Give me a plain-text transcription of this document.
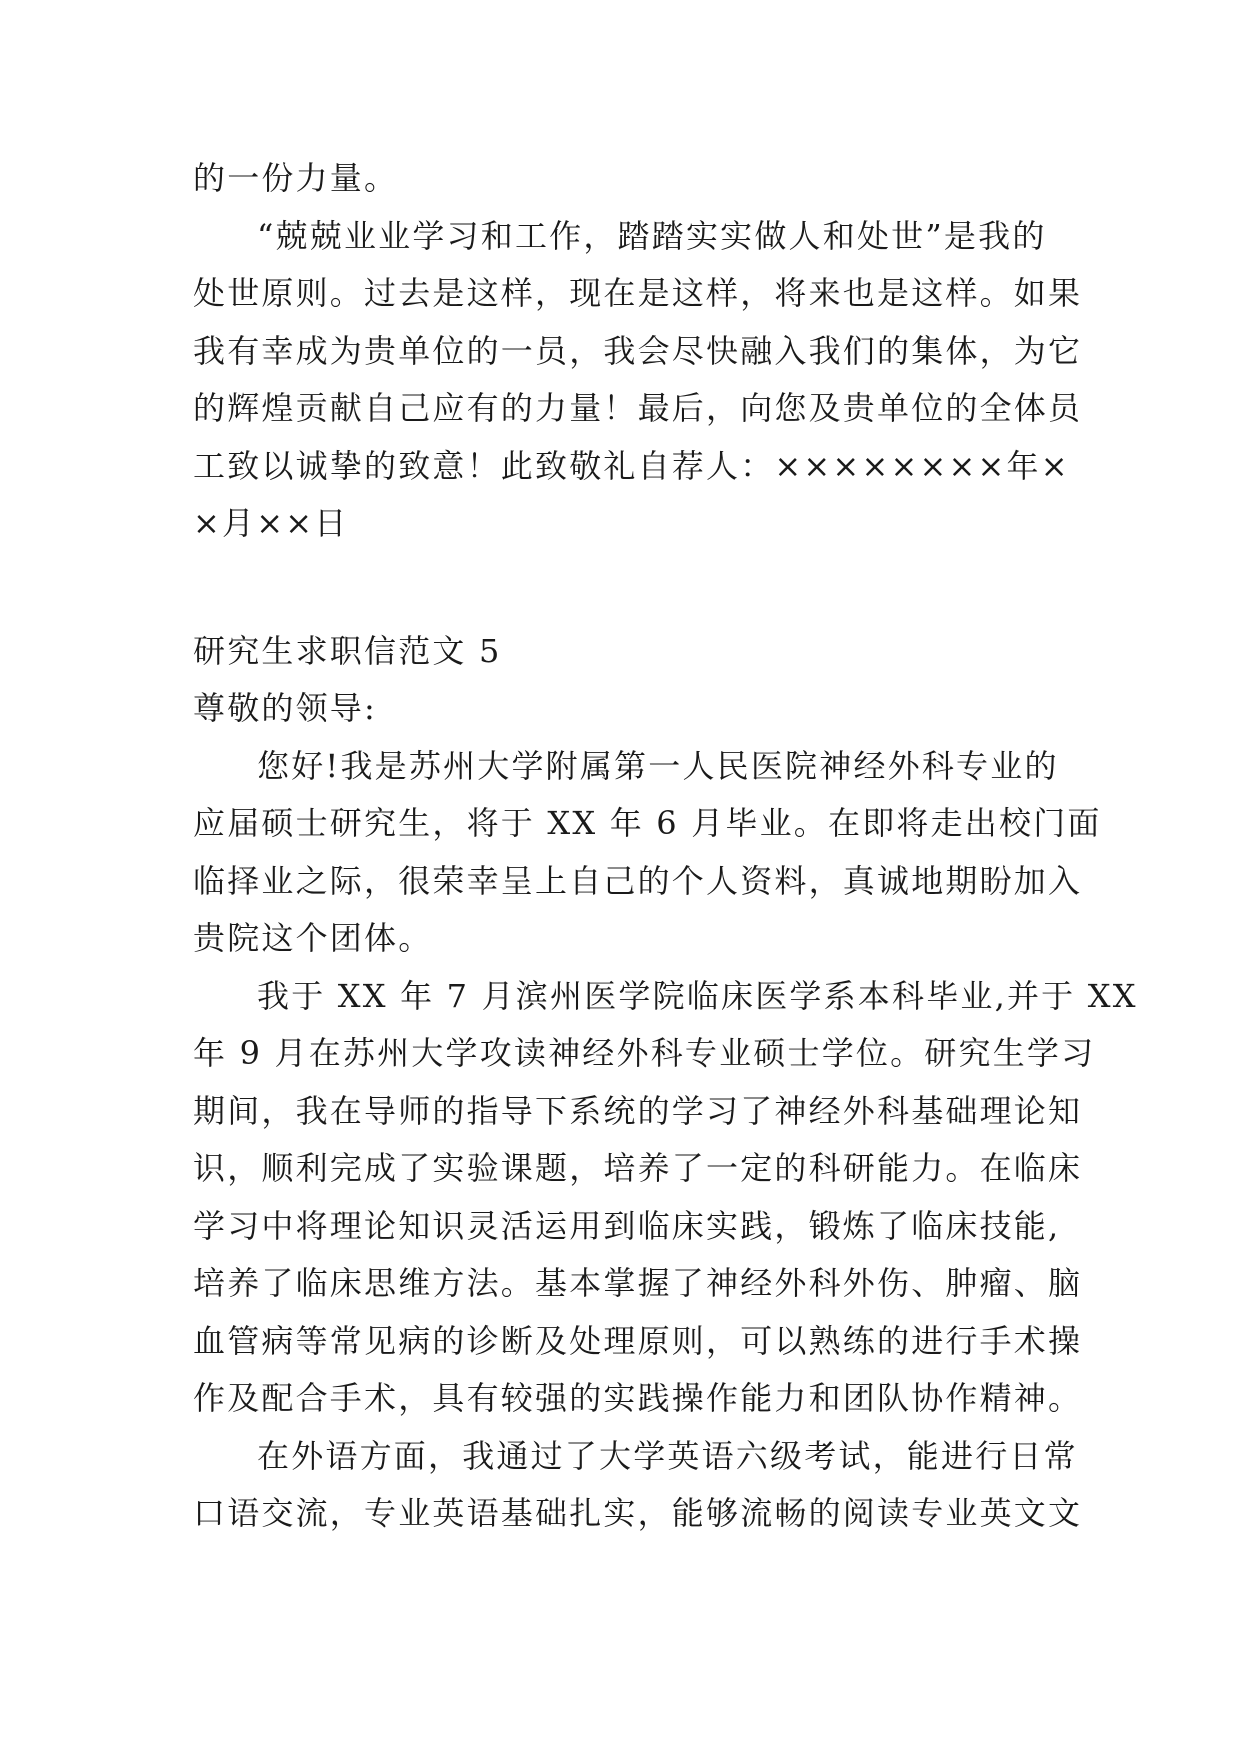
的一份力量。
“兢兢业业学习和工作，踏踏实实做人和处世”是我的
处世原则。过去是这样，现在是这样，将来也是这样。如果
我有幸成为贵单位的一员，我会尽快融入我们的集体，为它
的辉煌贡献自己应有的力量！最后，向您及贵单位的全体员
工致以诚挚的致意！此致敬礼自荐人：××××××××年×
×月××日
研究生求职信范文 5
尊敬的领导:
您好!我是苏州大学附属第一人民医院神经外科专业的
应届硕士研究生，将于 XX 年 6 月毕业。在即将走出校门面
临择业之际，很荣幸呈上自己的个人资料，真诚地期盼加入
贵院这个团体。
我于 XX 年 7 月滨州医学院临床医学系本科毕业,并于 XX
年 9 月在苏州大学攻读神经外科专业硕士学位。研究生学习
期间，我在导师的指导下系统的学习了神经外科基础理论知
识，顺利完成了实验课题，培养了一定的科研能力。在临床
学习中将理论知识灵活运用到临床实践，锻炼了临床技能,
培养了临床思维方法。基本掌握了神经外科外伤、肿瘤、脑
血管病等常见病的诊断及处理原则，可以熟练的进行手术操
作及配合手术，具有较强的实践操作能力和团队协作精神。
在外语方面，我通过了大学英语六级考试，能进行日常
口语交流，专业英语基础扎实，能够流畅的阅读专业英文文
